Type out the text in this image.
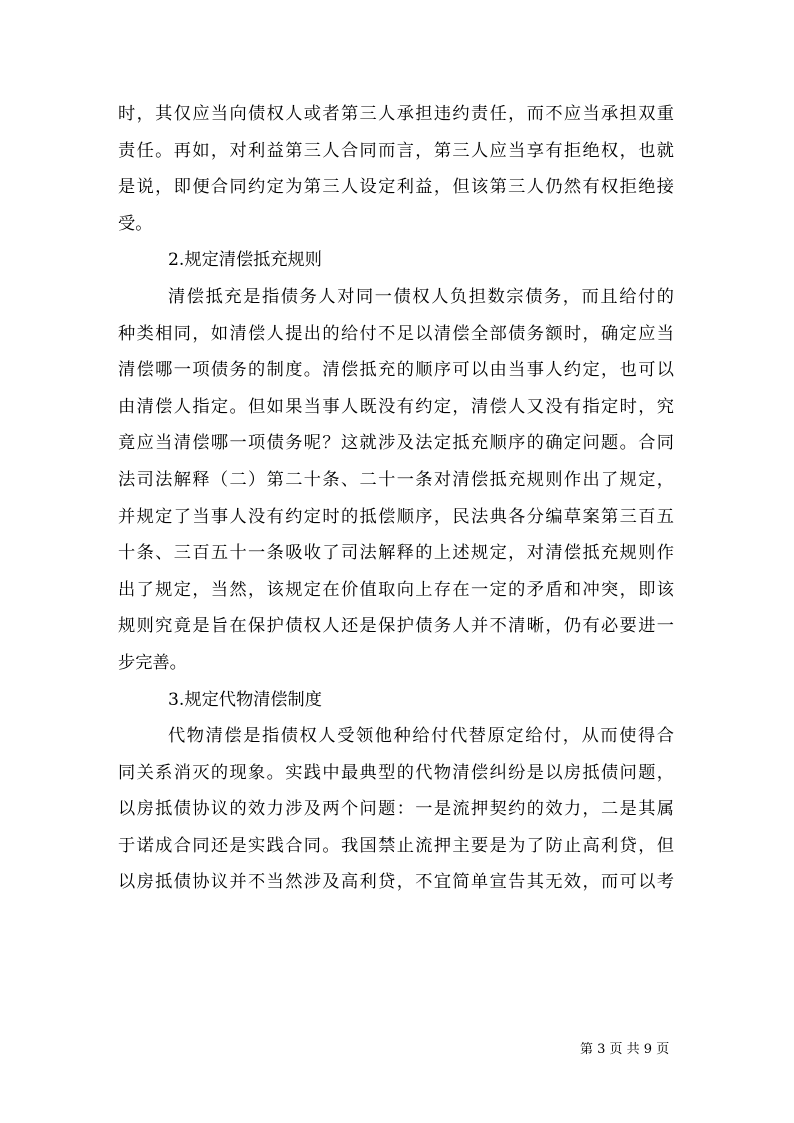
时，其仅应当向债权人或者第三人承担违约责任，而不应当承担双重
责任。再如，对利益第三人合同而言，第三人应当享有拒绝权，也就
是说，即便合同约定为第三人设定利益，但该第三人仍然有权拒绝接
受。
2.规定清偿抵充规则
清偿抵充是指债务人对同一债权人负担数宗债务，而且给付的
种类相同，如清偿人提出的给付不足以清偿全部债务额时，确定应当
清偿哪一项债务的制度。清偿抵充的顺序可以由当事人约定，也可以
由清偿人指定。但如果当事人既没有约定，清偿人又没有指定时，究
竟应当清偿哪一项债务呢？这就涉及法定抵充顺序的确定问题。合同
法司法解释（二）第二十条、二十一条对清偿抵充规则作出了规定，
并规定了当事人没有约定时的抵偿顺序，民法典各分编草案第三百五
十条、三百五十一条吸收了司法解释的上述规定，对清偿抵充规则作
出了规定，当然，该规定在价值取向上存在一定的矛盾和冲突，即该
规则究竟是旨在保护债权人还是保护债务人并不清晰，仍有必要进一
步完善。
3.规定代物清偿制度
代物清偿是指债权人受领他种给付代替原定给付，从而使得合
同关系消灭的现象。实践中最典型的代物清偿纠纷是以房抵债问题，
以房抵债协议的效力涉及两个问题：一是流押契约的效力，二是其属
于诺成合同还是实践合同。我国禁止流押主要是为了防止高利贷，但
以房抵债协议并不当然涉及高利贷，不宜简单宣告其无效，而可以考
第 3 页 共 9 页
